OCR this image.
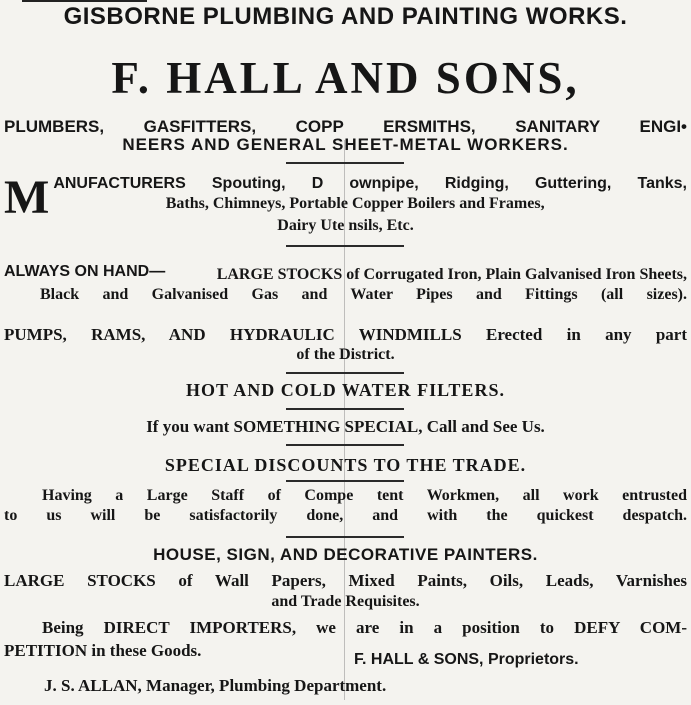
GISBORNE PLUMBING AND PAINTING WORKS.
F. HALL AND SONS,
PLUMBERS, GASFITTERS, COPP ERSMITHS, SANITARY ENGI•
NEERS AND GENERAL SHEET-METAL WORKERS.
M ANUFACTURERS Spouting, D ownpipe, Ridging, Guttering, Tanks,
Baths, Chimneys, Portable Copper Boilers and Frames,
Dairy Ute nsils, Etc.
ALWAYS ON HAND—	LARGE STOCKS of Corrugated Iron, Plain Galvanised Iron Sheets,
Black and Galvanised Gas and Water Pipes and Fittings (all sizes).
PUMPS, RAMS, AND HYDRAULIC WINDMILLS Erected in any part
of the District.
HOT AND COLD WATER FILTERS.
If you want SOMETHING SPECIAL, Call and See Us.
SPECIAL DISCOUNTS TO THE TRADE.
Having a Large Staff of Compe tent Workmen, all work entrusted
to us will be satisfactorily done, and with the quickest despatch.
HOUSE, SIGN, AND DECORATIVE PAINTERS.
LARGE STOCKS of Wall Papers, Mixed Paints, Oils, Leads, Varnishes
and Trade Requisites.
Being DIRECT IMPORTERS, we are in a position to DEFY COM-
PETITION in these Goods.	F. HALL & SONS, Proprietors.
J. S. ALLAN, Manager, Plumbing Department.
